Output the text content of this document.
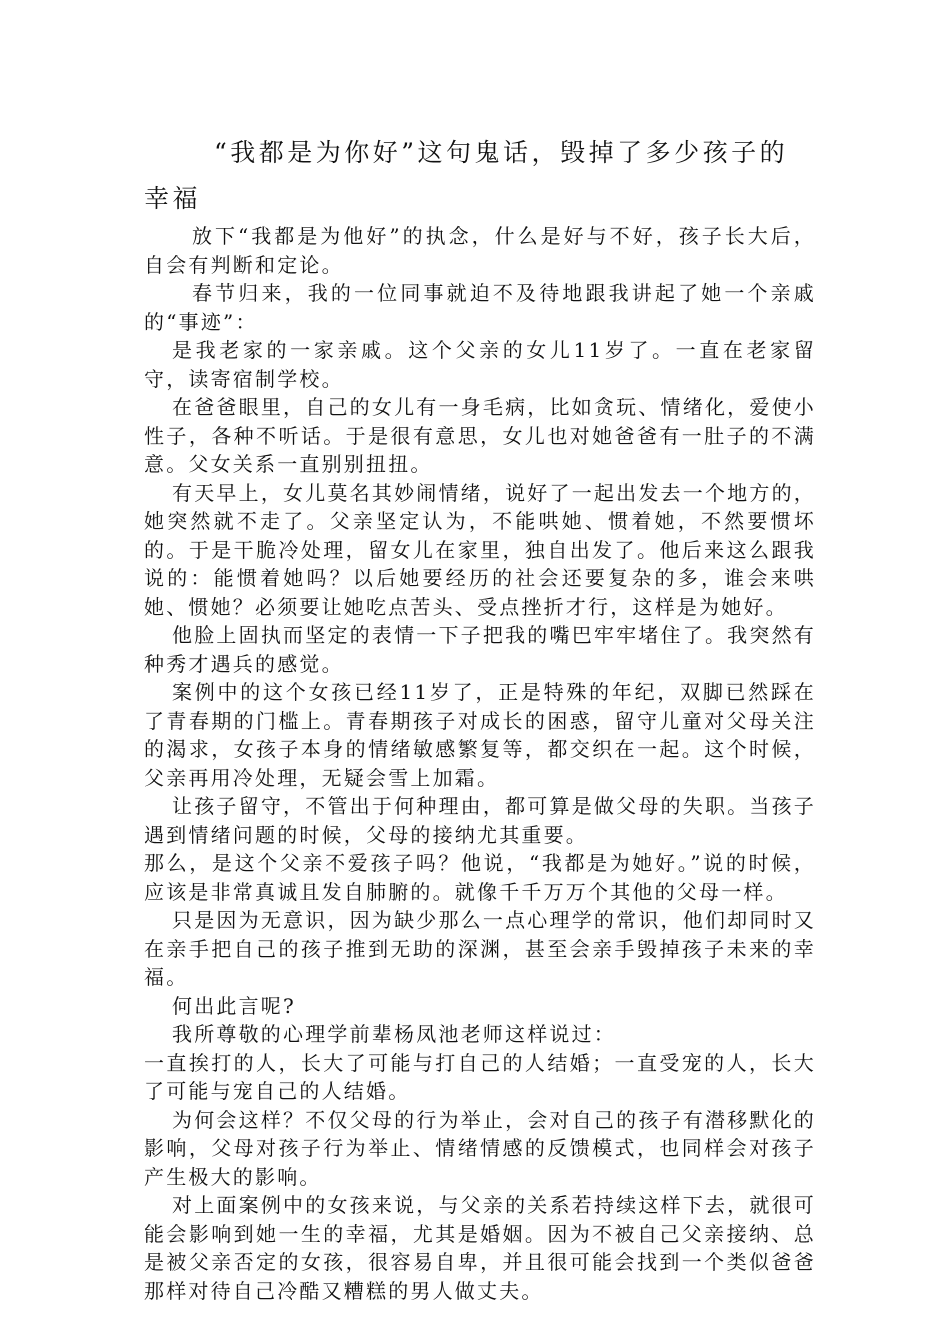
“我都是为你好”这句鬼话，毁掉了多少孩子的幸福

放下“我都是为他好”的执念，什么是好与不好，孩子长大后，自会有判断和定论。

春节归来，我的一位同事就迫不及待地跟我讲起了她一个亲戚的“事迹”：

是我老家的一家亲戚。这个父亲的女儿11岁了。一直在老家留守，读寄宿制学校。

在爸爸眼里，自己的女儿有一身毛病，比如贪玩、情绪化，爱使小性子，各种不听话。于是很有意思，女儿也对她爸爸有一肚子的不满意。父女关系一直别别扭扭。

有天早上，女儿莫名其妙闹情绪，说好了一起出发去一个地方的，她突然就不走了。父亲坚定认为，不能哄她、惯着她，不然要惯坏的。于是干脆冷处理，留女儿在家里，独自出发了。他后来这么跟我说的：能惯着她吗？以后她要经历的社会还要复杂的多，谁会来哄她、惯她？必须要让她吃点苦头、受点挫折才行，这样是为她好。

他脸上固执而坚定的表情一下子把我的嘴巴牢牢堵住了。我突然有种秀才遇兵的感觉。

案例中的这个女孩已经11岁了，正是特殊的年纪，双脚已然踩在了青春期的门槛上。青春期孩子对成长的困惑，留守儿童对父母关注的渴求，女孩子本身的情绪敏感繁复等，都交织在一起。这个时候，父亲再用冷处理，无疑会雪上加霜。

让孩子留守，不管出于何种理由，都可算是做父母的失职。当孩子遇到情绪问题的时候，父母的接纳尤其重要。

那么，是这个父亲不爱孩子吗？他说，“我都是为她好。”说的时候，应该是非常真诚且发自肺腑的。就像千千万万个其他的父母一样。

只是因为无意识，因为缺少那么一点心理学的常识，他们却同时又在亲手把自己的孩子推到无助的深渊，甚至会亲手毁掉孩子未来的幸福。

何出此言呢?

我所尊敬的心理学前辈杨凤池老师这样说过：

一直挨打的人，长大了可能与打自己的人结婚；一直受宠的人，长大了可能与宠自己的人结婚。

为何会这样？不仅父母的行为举止，会对自己的孩子有潜移默化的影响，父母对孩子行为举止、情绪情感的反馈模式，也同样会对孩子产生极大的影响。

对上面案例中的女孩来说，与父亲的关系若持续这样下去，就很可能会影响到她一生的幸福，尤其是婚姻。因为不被自己父亲接纳、总是被父亲否定的女孩，很容易自卑，并且很可能会找到一个类似爸爸那样对待自己冷酷又糟糕的男人做丈夫。
